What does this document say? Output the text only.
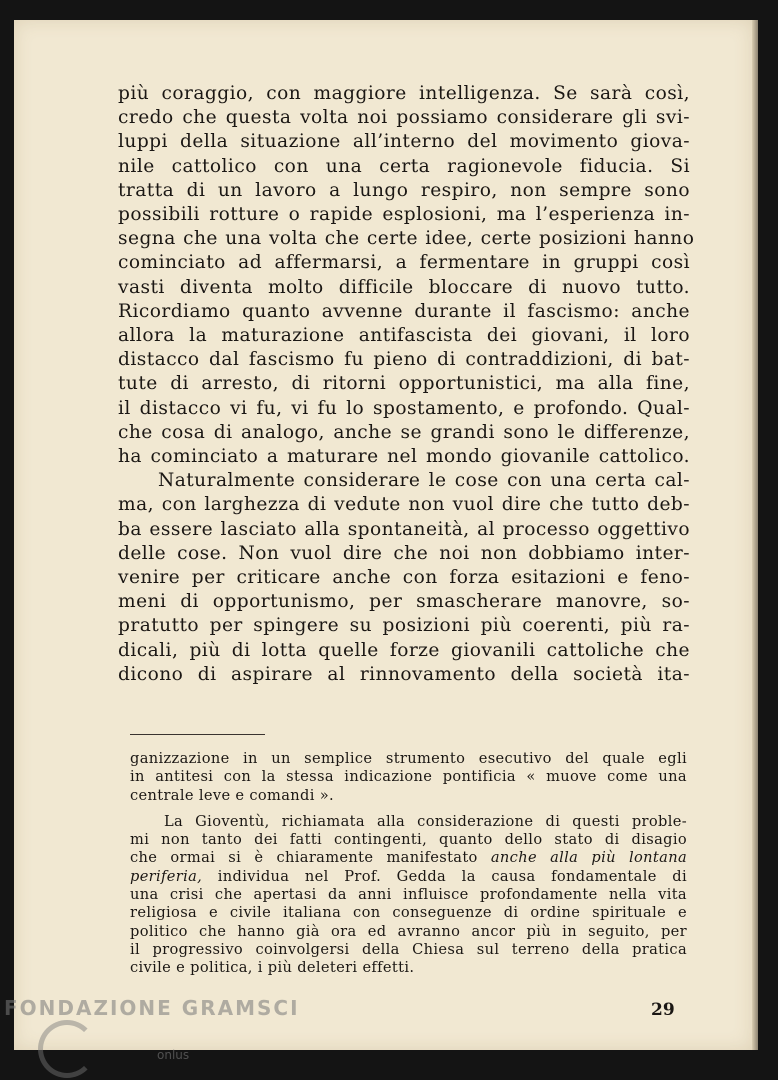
più coraggio, con maggiore intelligenza. Se sarà così,
credo che questa volta noi possiamo considerare gli svi-
luppi della situazione all’interno del movimento giova-
nile cattolico con una certa ragionevole fiducia. Si
tratta di un lavoro a lungo respiro, non sempre sono
possibili rotture o rapide esplosioni, ma l’esperienza in-
segna che una volta che certe idee, certe posizioni hanno
cominciato ad affermarsi, a fermentare in gruppi così
vasti diventa molto difficile bloccare di nuovo tutto.
Ricordiamo quanto avvenne durante il fascismo: anche
allora la maturazione antifascista dei giovani, il loro
distacco dal fascismo fu pieno di contraddizioni, di bat-
tute di arresto, di ritorni opportunistici, ma alla fine,
il distacco vi fu, vi fu lo spostamento, e profondo. Qual-
che cosa di analogo, anche se grandi sono le differenze,
ha cominciato a maturare nel mondo giovanile cattolico.
Naturalmente considerare le cose con una certa cal-
ma, con larghezza di vedute non vuol dire che tutto deb-
ba essere lasciato alla spontaneità, al processo oggettivo
delle cose. Non vuol dire che noi non dobbiamo inter-
venire per criticare anche con forza esitazioni e feno-
meni di opportunismo, per smascherare manovre, so-
pratutto per spingere su posizioni più coerenti, più ra-
dicali, più di lotta quelle forze giovanili cattoliche che
dicono di aspirare al rinnovamento della società ita-
ganizzazione in un semplice strumento esecutivo del quale egli
in antitesi con la stessa indicazione pontificia « muove come una
centrale leve e comandi ».
La Gioventù, richiamata alla considerazione di questi proble-
mi non tanto dei fatti contingenti, quanto dello stato di disagio
che ormai si è chiaramente manifestato anche alla più lontana
periferia, individua nel Prof. Gedda la causa fondamentale di
una crisi che apertasi da anni influisce profondamente nella vita
religiosa e civile italiana con conseguenze di ordine spirituale e
politico che hanno già ora ed avranno ancor più in seguito, per
il progressivo coinvolgersi della Chiesa sul terreno della pratica
civile e politica, i più deleteri effetti.
29
FONDAZIONE GRAMSCI
onlus
